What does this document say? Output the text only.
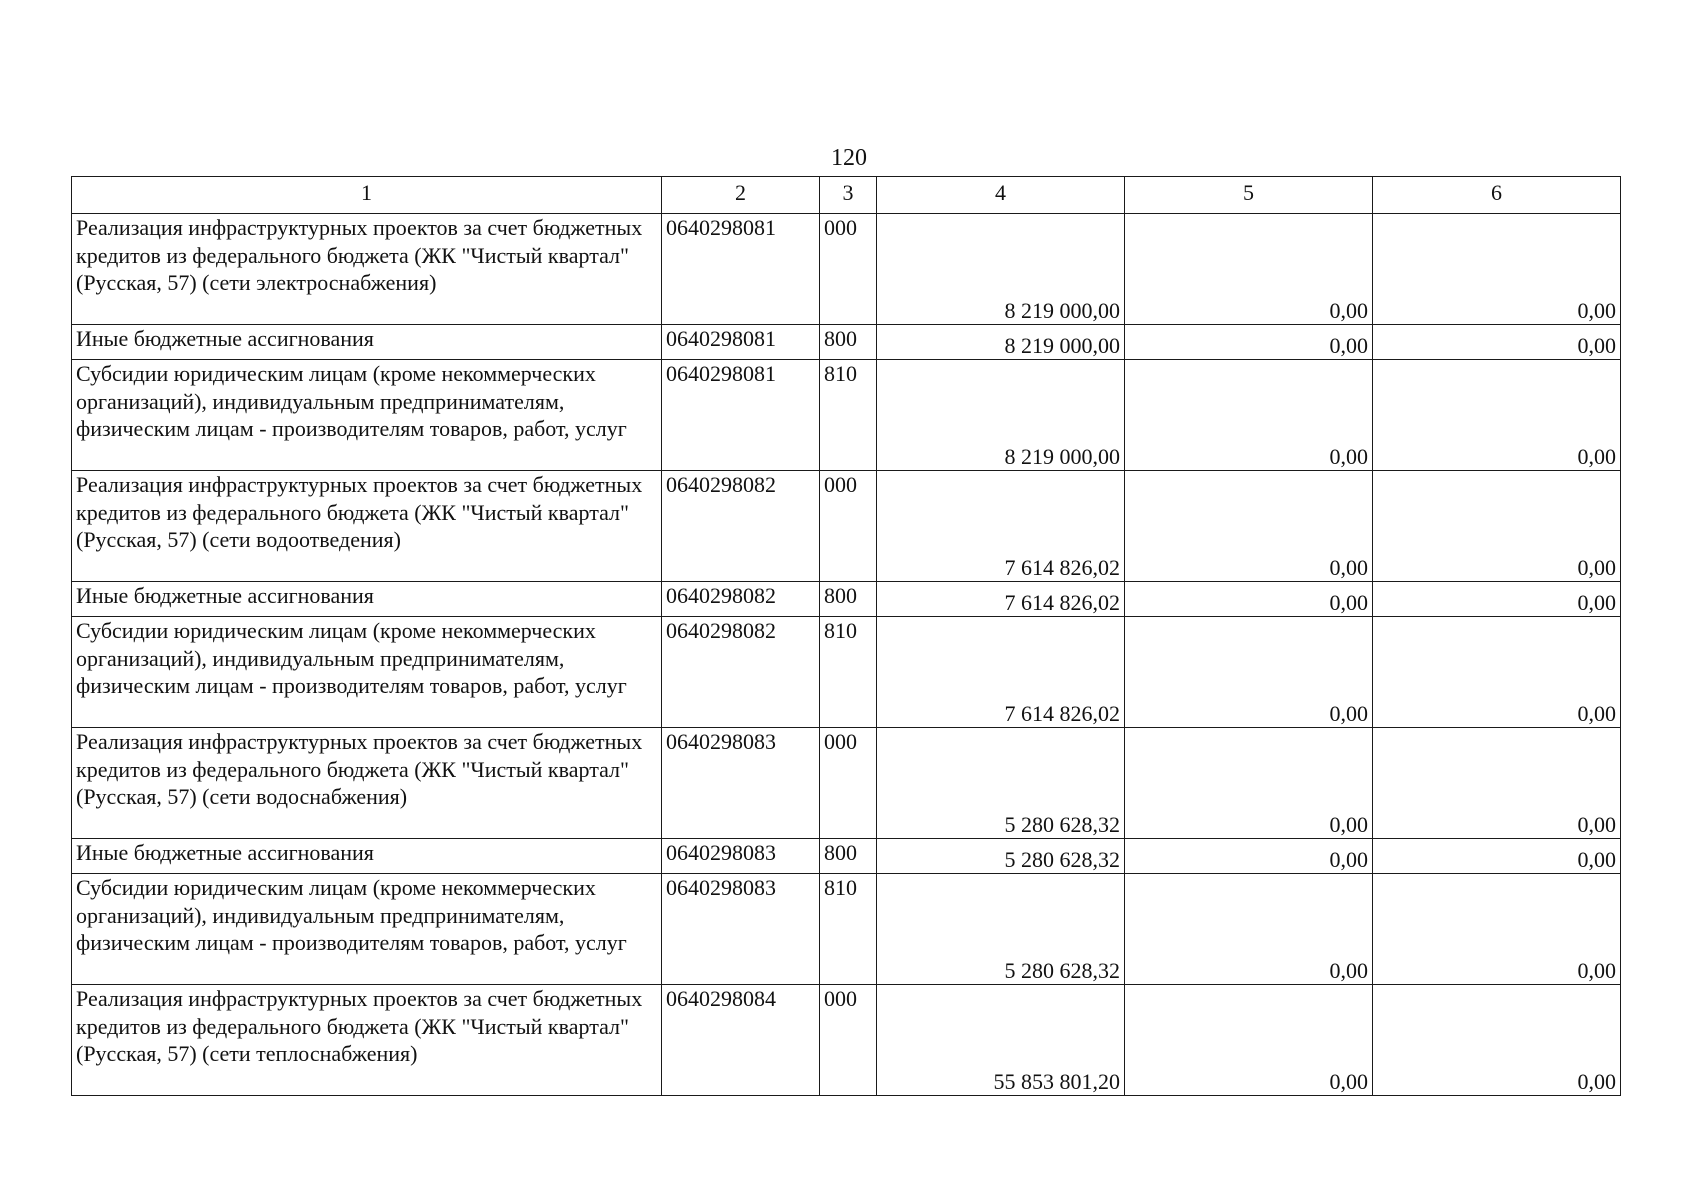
120
1	2	3	4	5	6
Реализация инфраструктурных проектов за счет бюджетных кредитов из федерального бюджета (ЖК "Чистый квартал" (Русская, 57) (сети электроснабжения)	0640298081	000	8 219 000,00	0,00	0,00
Иные бюджетные ассигнования	0640298081	800	8 219 000,00	0,00	0,00
Субсидии юридическим лицам (кроме некоммерческих организаций), индивидуальным предпринимателям, физическим лицам - производителям товаров, работ, услуг	0640298081	810	8 219 000,00	0,00	0,00
Реализация инфраструктурных проектов за счет бюджетных кредитов из федерального бюджета (ЖК "Чистый квартал" (Русская, 57) (сети водоотведения)	0640298082	000	7 614 826,02	0,00	0,00
Иные бюджетные ассигнования	0640298082	800	7 614 826,02	0,00	0,00
Субсидии юридическим лицам (кроме некоммерческих организаций), индивидуальным предпринимателям, физическим лицам - производителям товаров, работ, услуг	0640298082	810	7 614 826,02	0,00	0,00
Реализация инфраструктурных проектов за счет бюджетных кредитов из федерального бюджета (ЖК "Чистый квартал" (Русская, 57) (сети водоснабжения)	0640298083	000	5 280 628,32	0,00	0,00
Иные бюджетные ассигнования	0640298083	800	5 280 628,32	0,00	0,00
Субсидии юридическим лицам (кроме некоммерческих организаций), индивидуальным предпринимателям, физическим лицам - производителям товаров, работ, услуг	0640298083	810	5 280 628,32	0,00	0,00
Реализация инфраструктурных проектов за счет бюджетных кредитов из федерального бюджета (ЖК "Чистый квартал" (Русская, 57) (сети теплоснабжения)	0640298084	000	55 853 801,20	0,00	0,00
